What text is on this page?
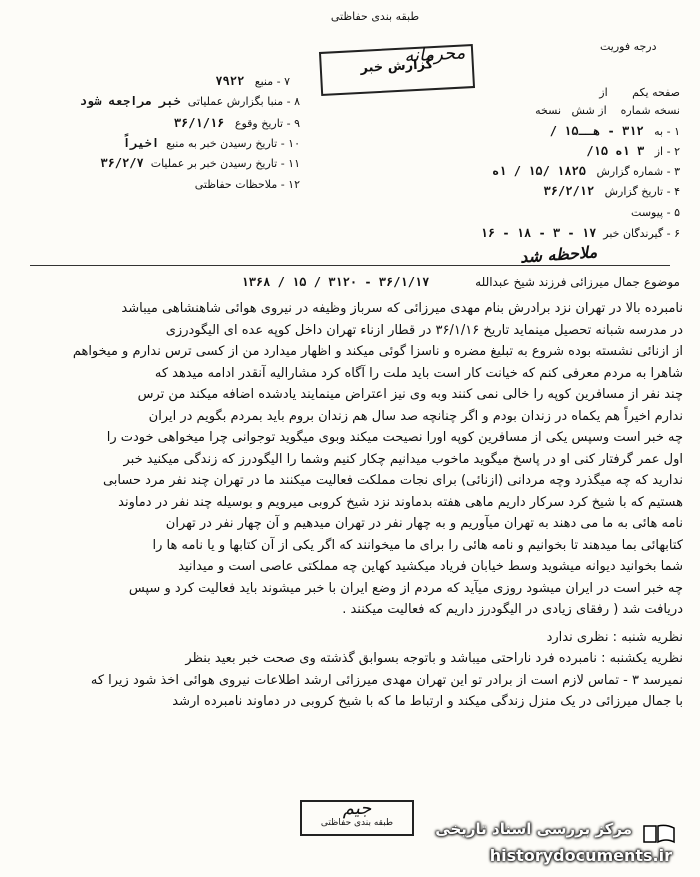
طبقه بندی حفاظتی
درجه فوریت
گزارش خبر
محرمانه
صفحه یکم       از
نسخه شماره    از شش   نسخه
۱ - به   ۳۱۲ - هــ۱۵ /
۲ - از   ۳ ۱ه ۱۵/
۳ - شماره گزارش   ۱۸۲۵ /۱۵ / ۱ه
۴ - تاریخ گزارش   ۳۶/۲/۱۲
۵ - پیوست
۶ - گیرندگان خبر  ۱۷ - ۳ - ۱۸ - ۱۶
۷ - منبع   ۷۹۲۲
۸ - منبا بگزارش عملیاتی  خبر مراجعه شود
۹ - تاریخ وقوع   ۳۶/۱/۱۶
۱۰ - تاریخ رسیدن خبر به منبع  اخیراً
۱۱ - تاریخ رسیدن خبر بر عملیات  ۳۶/۲/۷
۱۲ - ملاحظات حفاظتی
ملاحظه شد
موضوع جمال میرزائی فرزند شیخ عبدالله            ۳۶/۱/۱۷ - ۳۱۲۰ / ۱۵ / ۱۳۶۸

نامبرده بالا در تهران نزد برادرش بنام مهدی میرزائی که سرباز وظیفه در نیروی هوائی شاهنشاهی میباشد

در مدرسه شبانه تحصیل مینماید تاریخ ۳۶/۱/۱۶ در قطار ازناء تهران داخل کوپه عده ای الیگودرزی

از ازنائی نشسته بوده شروع به تبلیغ مضره و ناسزا گوئی میکند و اظهار میدارد من از کسی ترس ندارم و میخواهم

شاهرا به مردم معرفی کنم که خیانت کار است باید ملت را آگاه کرد مشارالیه آنقدر ادامه میدهد که

چند نفر از مسافرین کوپه را خالی نمی کنند وبه وی نیز اعتراض مینمایند یادشده اضافه میکند من ترس

ندارم اخیراً هم یکماه در زندان بودم و اگر چنانچه صد سال هم زندان بروم باید بمردم بگویم در ایران

چه خبر است وسپس یکی از مسافرین کوپه اورا نصیحت میکند وبوی میگوید توجوانی چرا میخواهی خودت را

اول عمر گرفتار کنی او در پاسخ میگوید ماخوب میدانیم چکار کنیم وشما را الیگودرز که زندگی میکنید خبر

ندارید که چه میگذرد وچه مردانی (ازنائی) برای نجات مملکت فعالیت میکنند ما در تهران چند نفر مرد حسابی

هستیم که با شیخ کرد سرکار داریم ماهی هفته بدماوند نزد شیخ کروبی میرویم و بوسیله چند نفر در دماوند

نامه هائی به ما می دهند به تهران میآوریم و به چهار نفر در تهران میدهیم و آن چهار نفر در تهران

کتابهائی بما میدهند تا بخوانیم و نامه هائی را برای ما میخوانند که اگر یکی از آن کتابها و یا نامه ها را

شما بخوانید دیوانه میشوید وسط خیابان فریاد میکشید کهاین چه مملکتی عاصی است و میدانید

چه خبر است در ایران میشود روزی میآید که مردم از وضع ایران با خبر میشوند باید فعالیت کرد و سپس

دریافت شد ( رفقای زیادی در الیگودرز داریم که فعالیت میکنند .

نظریه شنبه : نظری ندارد

نظریه یکشنبه : نامبرده فرد ناراحتی میباشد و باتوجه بسوابق گذشته وی صحت خبر بعید بنظر

نمیرسد ۳ - تماس لازم است از برادر تو این تهران مهدی میرزائی ارشد اطلاعات نیروی هوائی اخذ شود زیرا که

با جمال میرزائی در یک منزل زندگی میکند و ارتباط ما که با شیخ کروبی در دماوند نامبرده ارشد

جیم
طبقه بندی حفاظتی	مرکز بررسی اسناد تاریخی
historydocuments.ir
